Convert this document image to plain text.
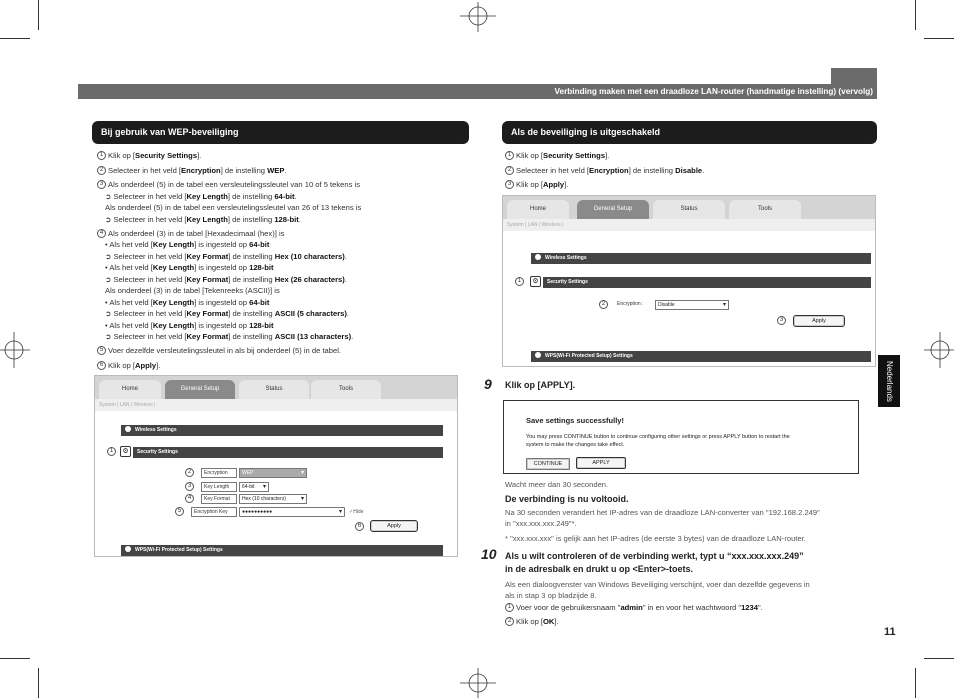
Verbinding maken met een draadloze LAN-router (handmatige instelling) (vervolg)
Nederlands
11
Bij gebruik van WEP-beveiliging
1 Klik op [Security Settings].
2 Selecteer in het veld [Encryption] de instelling WEP.
3 Als onderdeel (5) in de tabel een versleutelingssleutel van 10 of 5 tekens is
➲ Selecteer in het veld [Key Length] de instelling 64-bit.
Als onderdeel (5) in de tabel een versleutelingssleutel van 26 of 13 tekens is
➲ Selecteer in het veld [Key Length] de instelling 128-bit.
4 Als onderdeel (3) in de tabel [Hexadecimaal (hex)] is
• Als het veld [Key Length] is ingesteld op 64-bit
➲ Selecteer in het veld [Key Format] de instelling Hex (10 characters).
• Als het veld [Key Length] is ingesteld op 128-bit
➲ Selecteer in het veld [Key Format] de instelling Hex (26 characters).
Als onderdeel (3) in de tabel [Tekenreeks (ASCII)] is
• Als het veld [Key Length] is ingesteld op 64-bit
➲ Selecteer in het veld [Key Format] de instelling ASCII (5 characters).
• Als het veld [Key Length] is ingesteld op 128-bit
➲ Selecteer in het veld [Key Format] de instelling ASCII (13 characters).
5 Voer dezelfde versleutelingssleutel in als bij onderdeel (5) in de tabel.
6 Klik op [Apply].
Home	General Setup	Status	Tools
System | LAN | Wireless |
Wireless Settings
1	⚙	Security Settings
2	Encryption	WEP ▾
3	Key Length	64-bit ▾
4	Key Format	Hex (10 characters) ▾
5	Encryption Key	●●●●●●●●●● ▾	✓Hide
6	Apply
WPS(Wi-Fi Protected Setup) Settings
Als de beveiliging is uitgeschakeld
1 Klik op [Security Settings].
2 Selecteer in het veld [Encryption] de instelling Disable.
3 Klik op [Apply].
Home	General Setup	Status	Tools
System | LAN | Wireless |
Wireless Settings
1	⚙	Security Settings
2	Encryption :	Disable ▾
3	Apply
WPS(Wi-Fi Protected Setup) Settings
9 Klik op [APPLY].
Save settings successfully!
You may press CONTINUE button to continue configuring other settings or press APPLY button to restart the
system to make the changes take effect.
CONTINUE	APPLY
Wacht meer dan 30 seconden.
De verbinding is nu voltooid.
Na 30 seconden verandert het IP-adres van de draadloze LAN-converter van "192.168.2.249"
in "xxx.xxx.xxx.249"*.
* "xxx.xxx.xxx" is gelijk aan het IP-adres (de eerste 3 bytes) van de draadloze LAN-router.
10 Als u wilt controleren of de verbinding werkt, typt u “xxx.xxx.xxx.249”
in de adresbalk en drukt u op <Enter>-toets.
Als een dialoogvenster van Windows Beveiliging verschijnt, voer dan dezelfde gegevens in
als in stap 3 op bladzijde 8.
1 Voer voor de gebruikersnaam "admin" in en voor het wachtwoord "1234".
2 Klik op [OK].
